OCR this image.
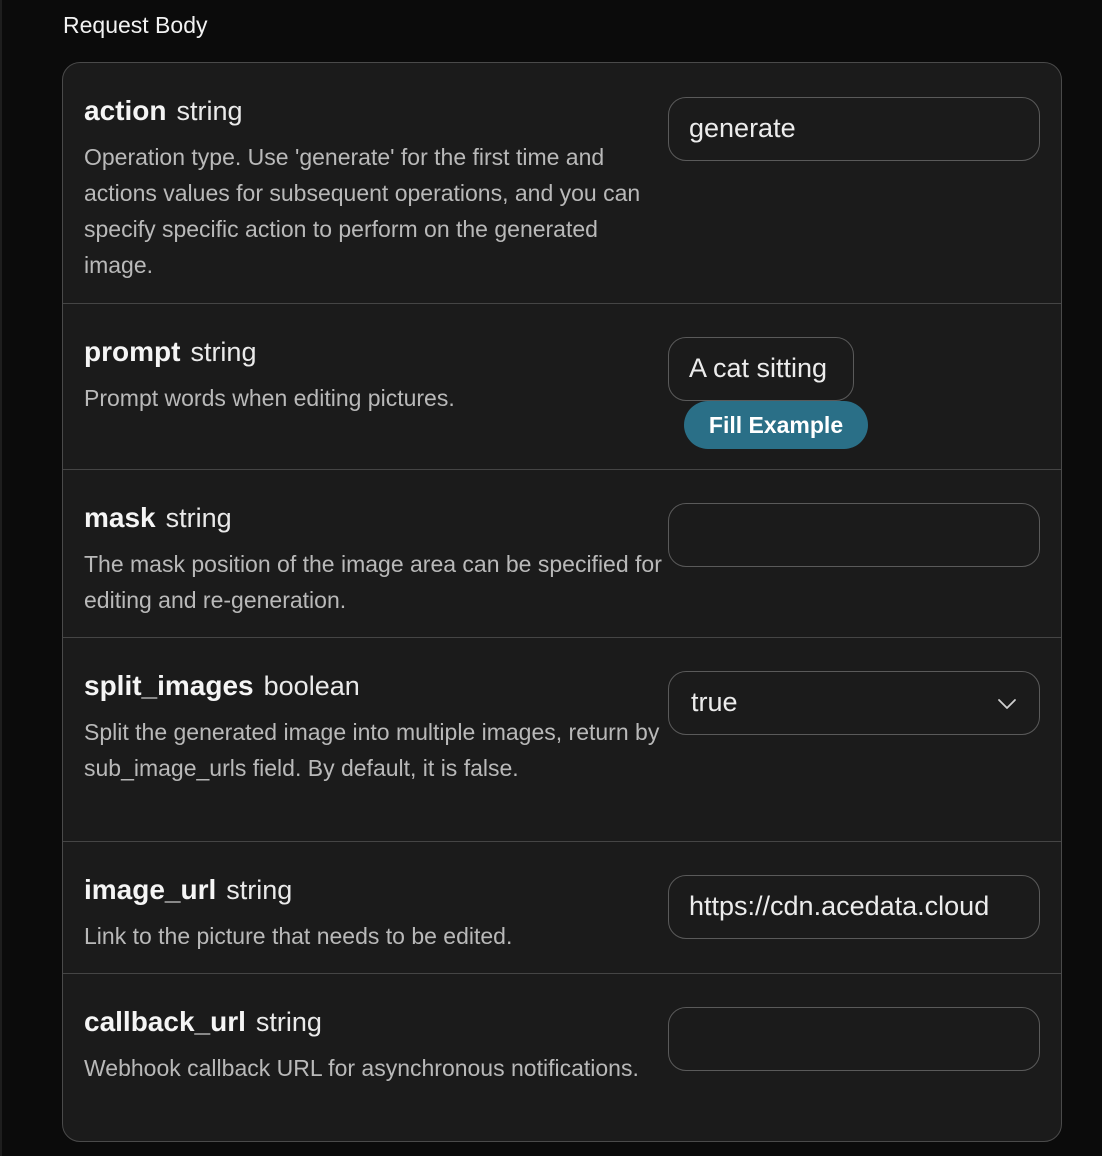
Request Body
action string
Operation type. Use 'generate' for the first time and actions values for subsequent operations, and you can specify specific action to perform on the generated image.
generate
prompt string
Prompt words when editing pictures.
A cat sitting
Fill Example
mask string
The mask position of the image area can be specified for editing and re-generation.
split_images boolean
Split the generated image into multiple images, return by sub_image_urls field. By default, it is false.
true
image_url string
Link to the picture that needs to be edited.
https://cdn.acedata.cloud
callback_url string
Webhook callback URL for asynchronous notifications.
